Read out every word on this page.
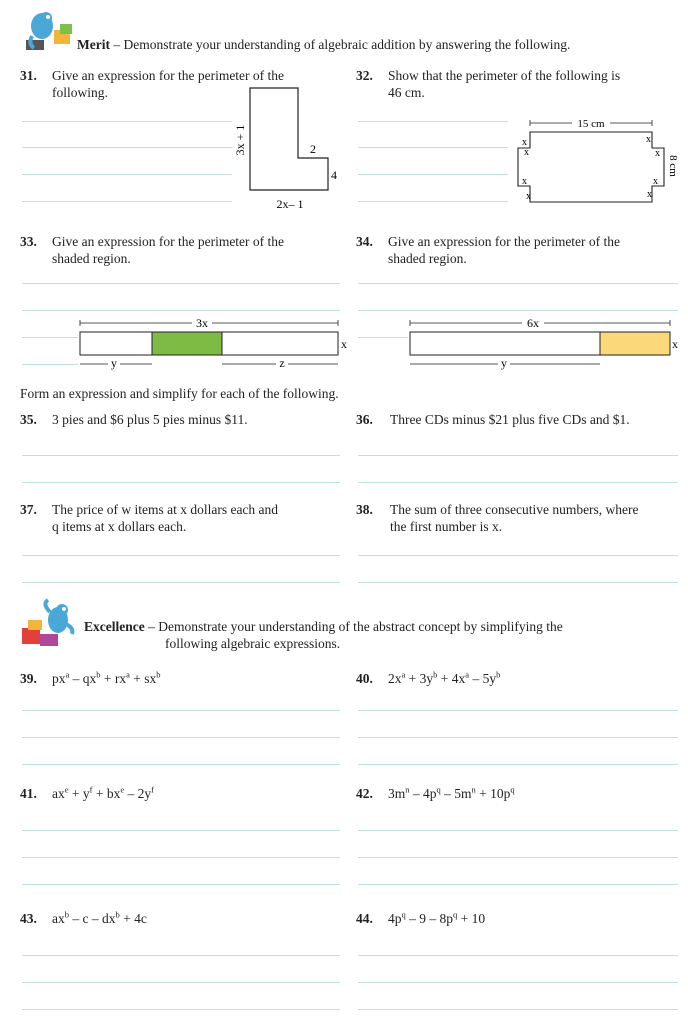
Merit – Demonstrate your understanding of algebraic addition by answering the following.
31. Give an expression for the perimeter of the
following.
32. Show that the perimeter of the following is
46 cm.
3x + 1	2
4
2x– 1
15 cm
8 cm
x
x
x
x
x
x
x
x
33. Give an expression for the perimeter of the
shaded region.
34. Give an expression for the perimeter of the
shaded region.
3x
x
y	z
6x
x
y
Form an expression and simplify for each of the following.
35. 3 pies and $6 plus 5 pies minus $11.	36. Three CDs minus $21 plus five CDs and $1.
37. The price of w items at x dollars each and
q items at x dollars each.
38. The sum of three consecutive numbers, where
the first number is x.
Excellence – Demonstrate your understanding of the abstract concept by simplifying the
following algebraic expressions.
39. $px^a - qx^b + rx^a + sx^b$	40. $2x^a + 3y^b + 4x^a - 5y^b$
41. $ax^e + y^f + bx^e - 2y^f$	42. $3m^n - 4p^q - 5m^n + 10p^q$
43. $ax^b - c - dx^b + 4c$	44. $4p^q - 9 - 8p^q + 10$
